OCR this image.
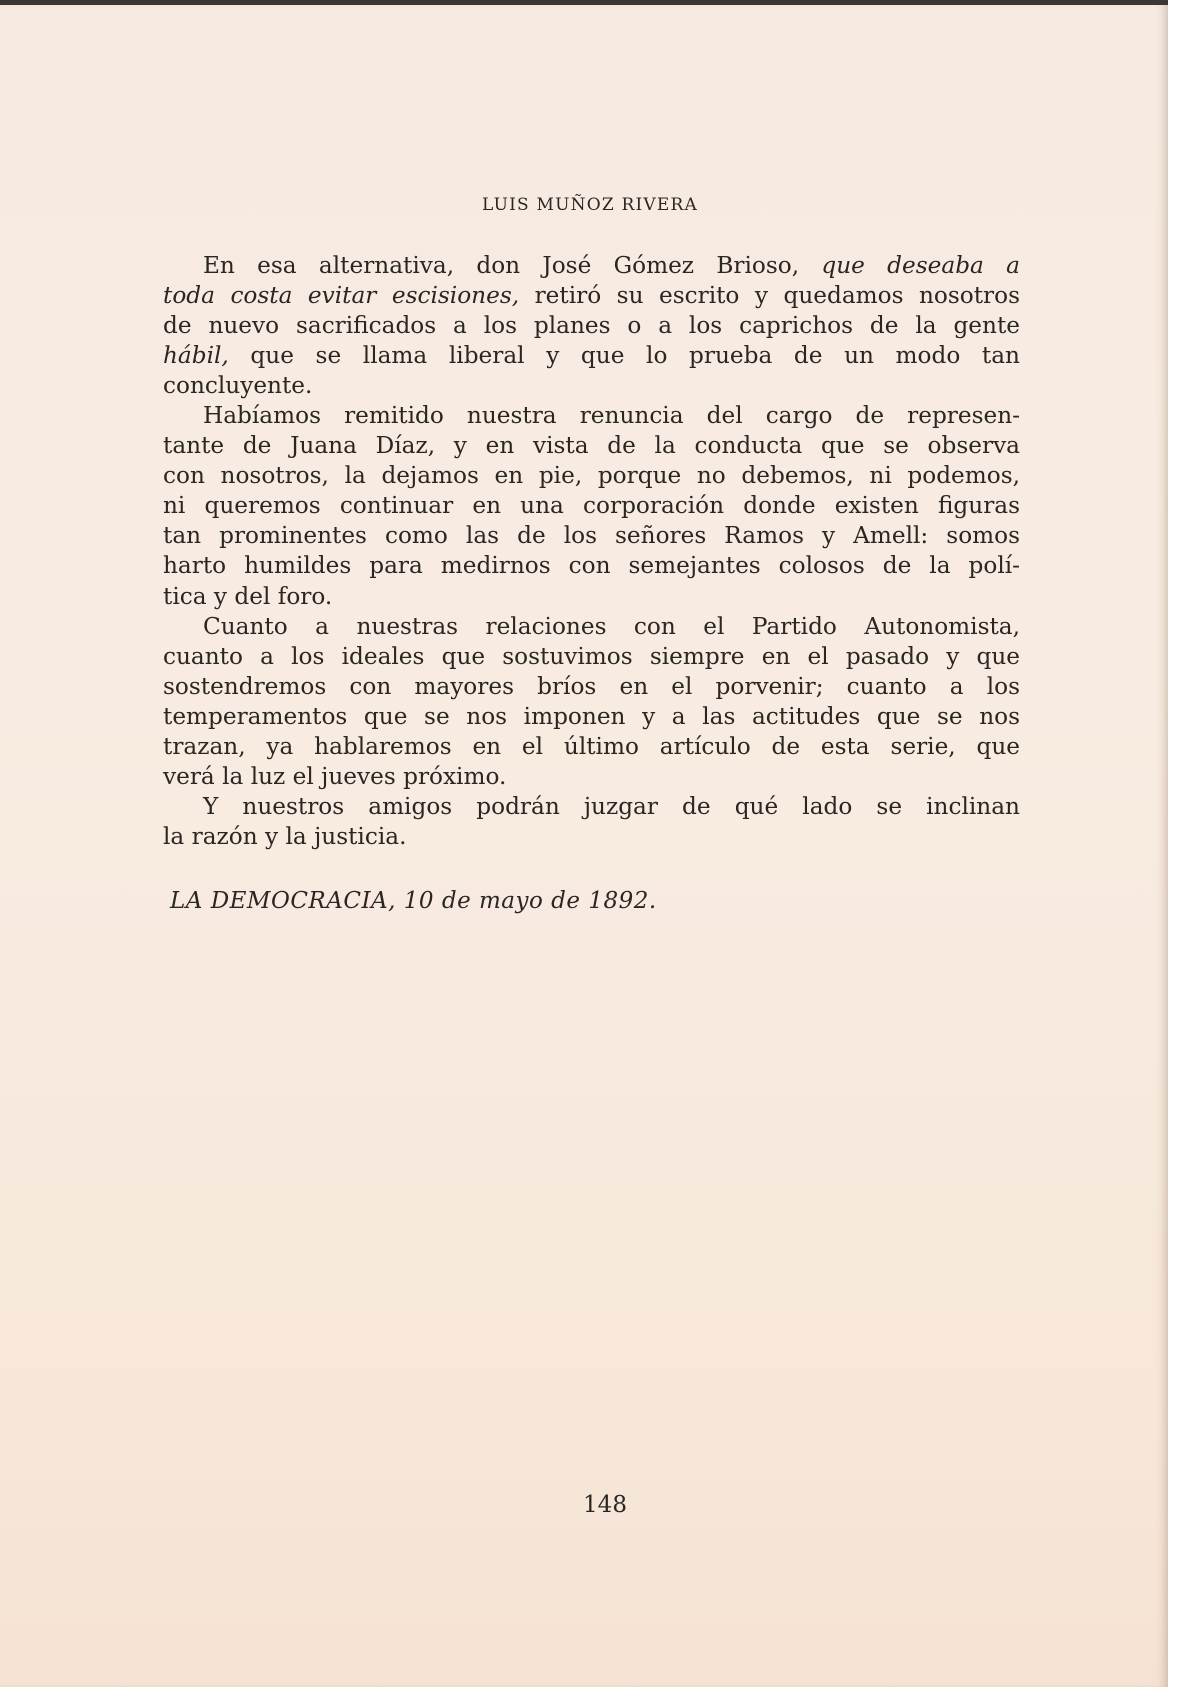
LUIS MUÑOZ RIVERA
En esa alternativa, don José Gómez Brioso, que deseaba a
toda costa evitar escisiones, retiró su escrito y quedamos nosotros
de nuevo sacrificados a los planes o a los caprichos de la gente
hábil, que se llama liberal y que lo prueba de un modo tan
concluyente.
Habíamos remitido nuestra renuncia del cargo de represen-
tante de Juana Díaz, y en vista de la conducta que se observa
con nosotros, la dejamos en pie, porque no debemos, ni podemos,
ni queremos continuar en una corporación donde existen figuras
tan prominentes como las de los señores Ramos y Amell: somos
harto humildes para medirnos con semejantes colosos de la polí-
tica y del foro.
Cuanto a nuestras relaciones con el Partido Autonomista,
cuanto a los ideales que sostuvimos siempre en el pasado y que
sostendremos con mayores bríos en el porvenir; cuanto a los
temperamentos que se nos imponen y a las actitudes que se nos
trazan, ya hablaremos en el último artículo de esta serie, que
verá la luz el jueves próximo.
Y nuestros amigos podrán juzgar de qué lado se inclinan
la razón y la justicia.
LA DEMOCRACIA, 10 de mayo de 1892.
148
